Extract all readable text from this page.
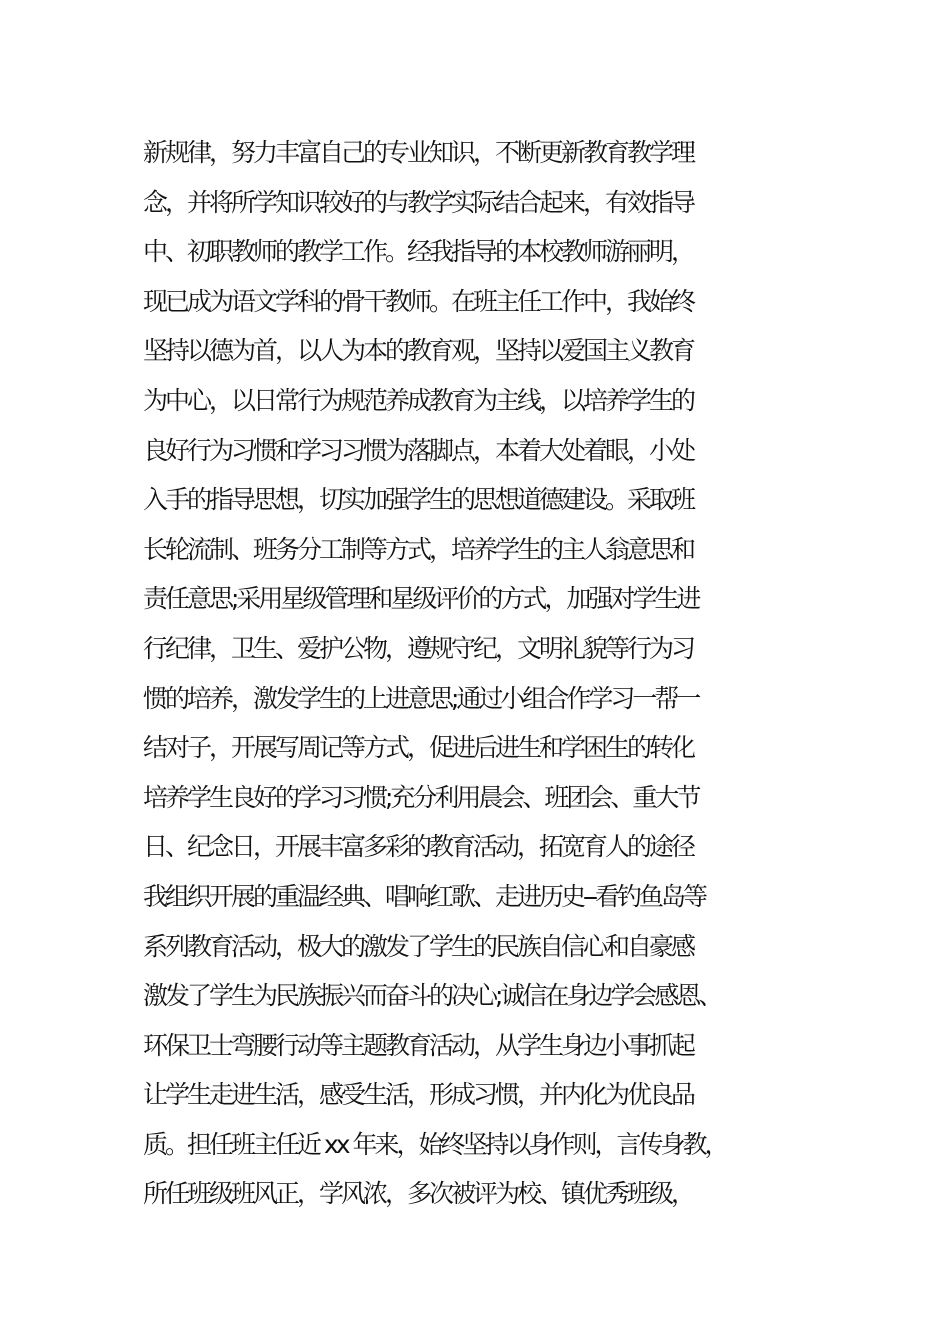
新规律，努力丰富自己的专业知识，不断更新教育教学理
念，并将所学知识较好的与教学实际结合起来，有效指导
中、初职教师的教学工作。经我指导的本校教师游丽明，
现已成为语文学科的骨干教师。在班主任工作中，我始终
坚持以德为首，以人为本的教育观，坚持以爱国主义教育
为中心，以日常行为规范养成教育为主线，以培养学生的
良好行为习惯和学习习惯为落脚点，本着大处着眼，小处
入手的指导思想，切实加强学生的思想道德建设。采取班
长轮流制、班务分工制等方式，培养学生的主人翁意思和
责任意思;采用星级管理和星级评价的方式，加强对学生进
行纪律，卫生、爱护公物，遵规守纪，文明礼貌等行为习
惯的培养，激发学生的上进意思;通过小组合作学习一帮一
结对子，开展写周记等方式，促进后进生和学困生的转化
培养学生良好的学习习惯;充分利用晨会、班团会、重大节
日、纪念日，开展丰富多彩的教育活动，拓宽育人的途径
我组织开展的重温经典、唱响红歌、走进历史--看钓鱼岛等
系列教育活动，极大的激发了学生的民族自信心和自豪感
激发了学生为民族振兴而奋斗的决心;诚信在身边学会感恩、
环保卫士弯腰行动等主题教育活动，从学生身边小事抓起
让学生走进生活，感受生活，形成习惯，并内化为优良品
质。担任班主任近 xx 年来，始终坚持以身作则，言传身教，
所任班级班风正，学风浓，多次被评为校、镇优秀班级，
